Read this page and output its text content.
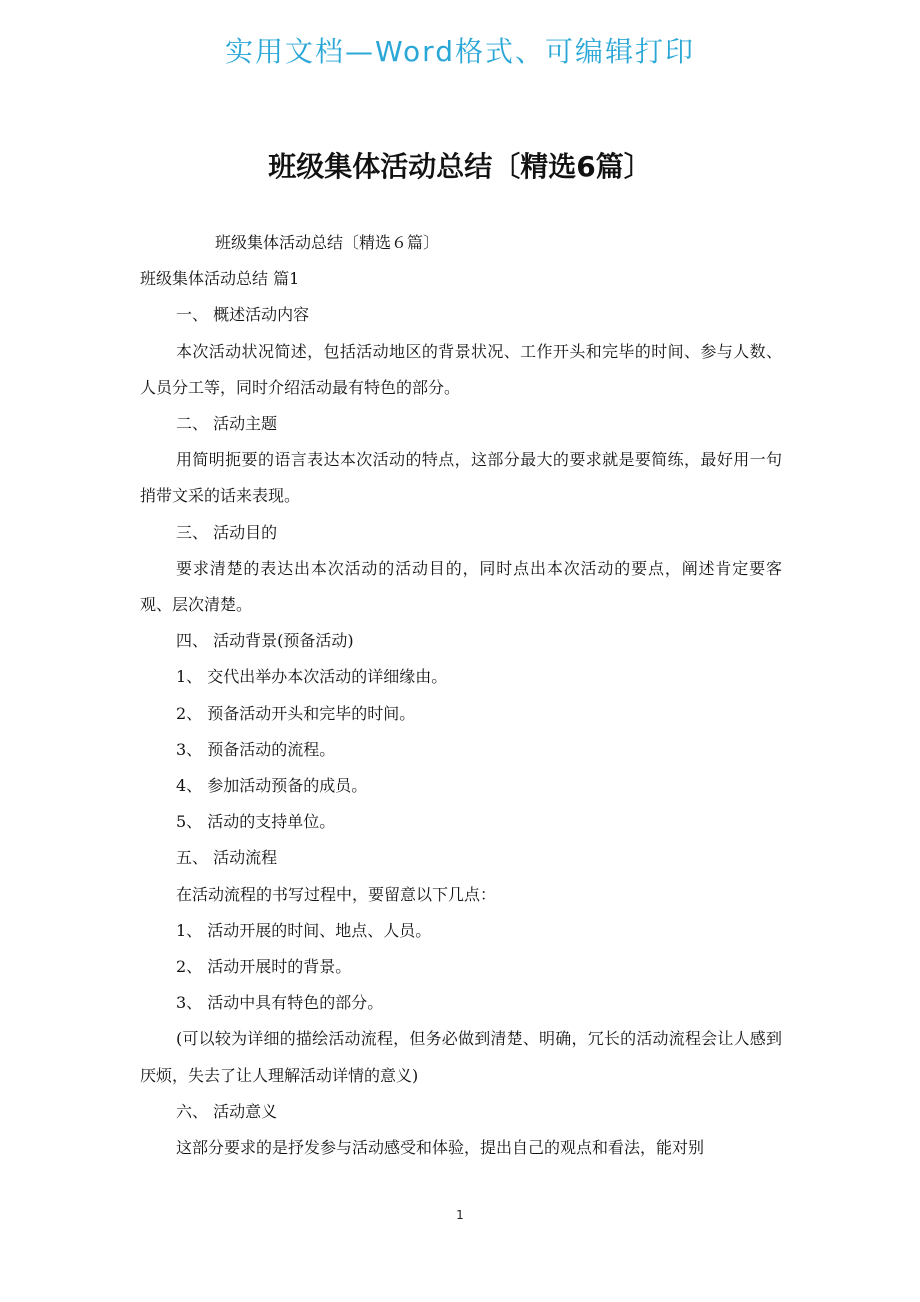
实用文档—Word格式、可编辑打印
班级集体活动总结〔精选6篇〕

班级集体活动总结〔精选６篇〕

班级集体活动总结 篇1

一、 概述活动内容

本次活动状况简述，包括活动地区的背景状况、工作开头和完毕的时间、参与人数、人员分工等，同时介绍活动最有特色的部分。

二、 活动主题

用简明扼要的语言表达本次活动的特点，这部分最大的要求就是要简练，最好用一句捎带文采的话来表现。

三、 活动目的

要求清楚的表达出本次活动的活动目的，同时点出本次活动的要点，阐述肯定要客观、层次清楚。

四、 活动背景(预备活动)

1、 交代出举办本次活动的详细缘由。

2、 预备活动开头和完毕的时间。

3、 预备活动的流程。

4、 参加活动预备的成员。

5、 活动的支持单位。

五、 活动流程

在活动流程的书写过程中，要留意以下几点：

1、 活动开展的时间、地点、人员。

2、 活动开展时的背景。

3、 活动中具有特色的部分。

(可以较为详细的描绘活动流程，但务必做到清楚、明确，冗长的活动流程会让人感到厌烦，失去了让人理解活动详情的意义)

六、 活动意义

这部分要求的是抒发参与活动感受和体验，提出自己的观点和看法，能对别

1
